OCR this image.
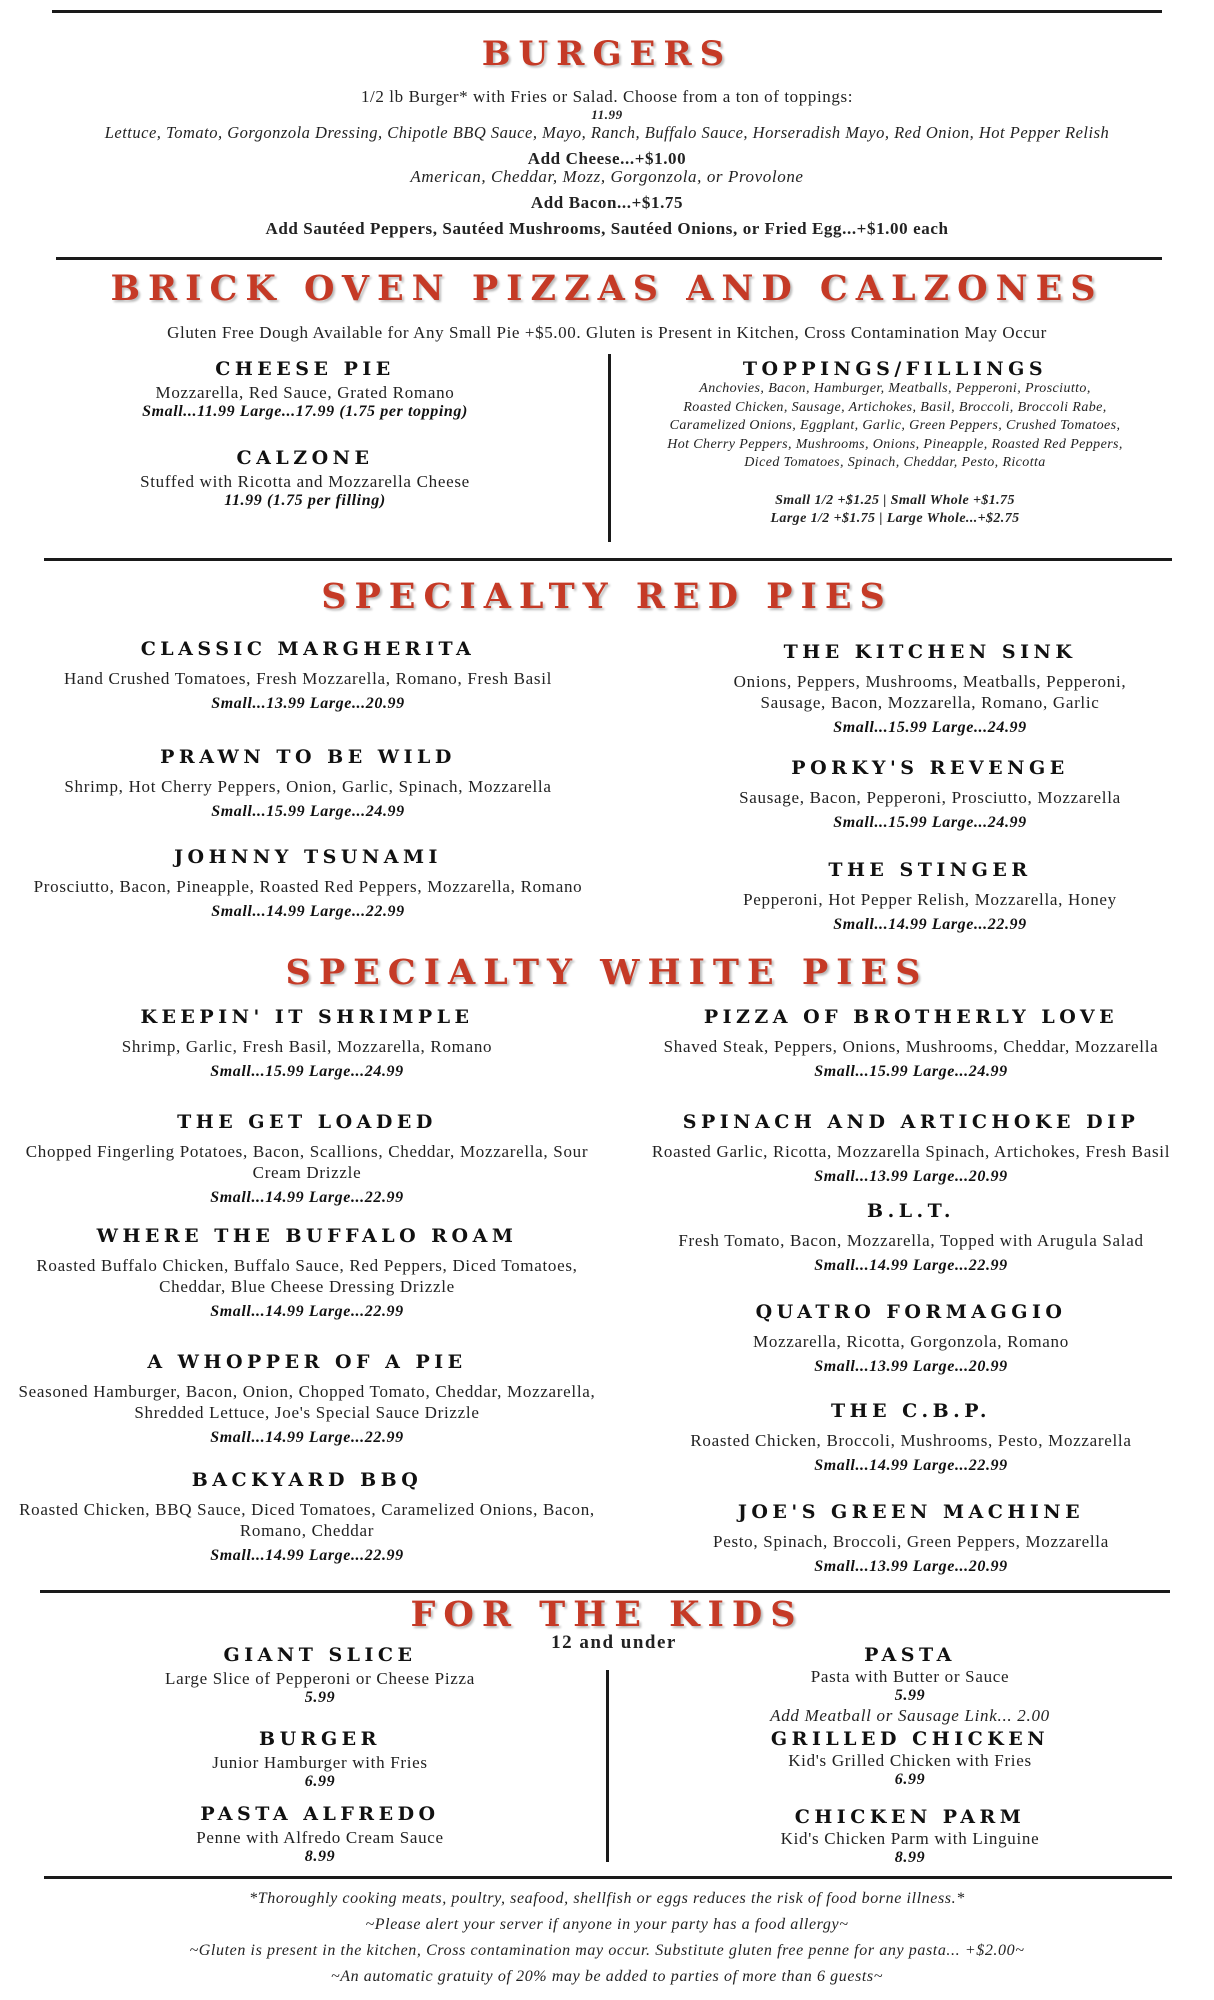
BURGERS
1/2 lb Burger* with Fries or Salad. Choose from a ton of toppings:
11.99
Lettuce, Tomato, Gorgonzola Dressing, Chipotle BBQ Sauce, Mayo, Ranch, Buffalo Sauce, Horseradish Mayo, Red Onion, Hot Pepper Relish
Add Cheese...+$1.00
American, Cheddar, Mozz, Gorgonzola, or Provolone
Add Bacon...+$1.75
Add Sautéed Peppers, Sautéed Mushrooms, Sautéed Onions, or Fried Egg...+$1.00 each
BRICK OVEN PIZZAS AND CALZONES
Gluten Free Dough Available for Any Small Pie +$5.00. Gluten is Present in Kitchen, Cross Contamination May Occur
CHEESE PIE
Mozzarella, Red Sauce, Grated Romano
Small...11.99 Large...17.99 (1.75 per topping)
CALZONE
Stuffed with Ricotta and Mozzarella Cheese
11.99 (1.75 per filling)
TOPPINGS/FILLINGS
Anchovies, Bacon, Hamburger, Meatballs, Pepperoni, Prosciutto,
Roasted Chicken, Sausage, Artichokes, Basil, Broccoli, Broccoli Rabe,
Caramelized Onions, Eggplant, Garlic, Green Peppers, Crushed Tomatoes,
Hot Cherry Peppers, Mushrooms, Onions, Pineapple, Roasted Red Peppers,
Diced Tomatoes, Spinach, Cheddar, Pesto, Ricotta
Small 1/2 +$1.25 | Small Whole +$1.75
Large 1/2 +$1.75 | Large Whole...+$2.75
SPECIALTY RED PIES
CLASSIC MARGHERITA
Hand Crushed Tomatoes, Fresh Mozzarella, Romano, Fresh Basil
Small...13.99 Large...20.99
PRAWN TO BE WILD
Shrimp, Hot Cherry Peppers, Onion, Garlic, Spinach, Mozzarella
Small...15.99 Large...24.99
JOHNNY TSUNAMI
Prosciutto, Bacon, Pineapple, Roasted Red Peppers, Mozzarella, Romano
Small...14.99 Large...22.99
THE KITCHEN SINK
Onions, Peppers, Mushrooms, Meatballs, Pepperoni, Sausage, Bacon, Mozzarella, Romano, Garlic
Small...15.99 Large...24.99
PORKY'S REVENGE
Sausage, Bacon, Pepperoni, Prosciutto, Mozzarella
Small...15.99 Large...24.99
THE STINGER
Pepperoni, Hot Pepper Relish, Mozzarella, Honey
Small...14.99 Large...22.99
SPECIALTY WHITE PIES
KEEPIN' IT SHRIMPLE
Shrimp, Garlic, Fresh Basil, Mozzarella, Romano
Small...15.99 Large...24.99
THE GET LOADED
Chopped Fingerling Potatoes, Bacon, Scallions, Cheddar, Mozzarella, Sour Cream Drizzle
Small...14.99 Large...22.99
WHERE THE BUFFALO ROAM
Roasted Buffalo Chicken, Buffalo Sauce, Red Peppers, Diced Tomatoes, Cheddar, Blue Cheese Dressing Drizzle
Small...14.99 Large...22.99
A WHOPPER OF A PIE
Seasoned Hamburger, Bacon, Onion, Chopped Tomato, Cheddar, Mozzarella, Shredded Lettuce, Joe's Special Sauce Drizzle
Small...14.99 Large...22.99
BACKYARD BBQ
Roasted Chicken, BBQ Sauce, Diced Tomatoes, Caramelized Onions, Bacon, Romano, Cheddar
Small...14.99 Large...22.99
PIZZA OF BROTHERLY LOVE
Shaved Steak, Peppers, Onions, Mushrooms, Cheddar, Mozzarella
Small...15.99 Large...24.99
SPINACH AND ARTICHOKE DIP
Roasted Garlic, Ricotta, Mozzarella Spinach, Artichokes, Fresh Basil
Small...13.99 Large...20.99
B.L.T.
Fresh Tomato, Bacon, Mozzarella, Topped with Arugula Salad
Small...14.99 Large...22.99
QUATRO FORMAGGIO
Mozzarella, Ricotta, Gorgonzola, Romano
Small...13.99 Large...20.99
THE C.B.P.
Roasted Chicken, Broccoli, Mushrooms, Pesto, Mozzarella
Small...14.99 Large...22.99
JOE'S GREEN MACHINE
Pesto, Spinach, Broccoli, Green Peppers, Mozzarella
Small...13.99 Large...20.99
FOR THE KIDS
12 and under
GIANT SLICE
Large Slice of Pepperoni or Cheese Pizza
5.99
BURGER
Junior Hamburger with Fries
6.99
PASTA ALFREDO
Penne with Alfredo Cream Sauce
8.99
PASTA
Pasta with Butter or Sauce
5.99
Add Meatball or Sausage Link... 2.00
GRILLED CHICKEN
Kid's Grilled Chicken with Fries
6.99
CHICKEN PARM
Kid's Chicken Parm with Linguine
8.99
*Thoroughly cooking meats, poultry, seafood, shellfish or eggs reduces the risk of food borne illness.*
~Please alert your server if anyone in your party has a food allergy~
~Gluten is present in the kitchen, Cross contamination may occur. Substitute gluten free penne for any pasta... +$2.00~
~An automatic gratuity of 20% may be added to parties of more than 6 guests~
